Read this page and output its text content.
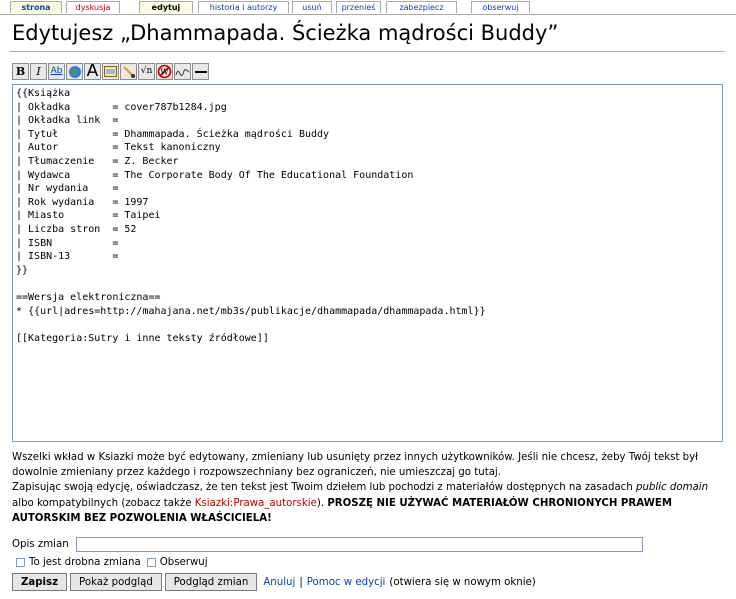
strona	dyskusja	edytuj	historia i autorzy	usuń	przenieś	zabezpiecz	obserwuj
Edytujesz „Dhammapada. Ścieżka mądrości Buddy”
B I Ab A	√n W
{{Książka
| Okładka       = cover787b1284.jpg
| Okładka link  =
| Tytuł         = Dhammapada. Ścieżka mądrości Buddy
| Autor         = Tekst kanoniczny
| Tłumaczenie   = Z. Becker
| Wydawca       = The Corporate Body Of The Educational Foundation
| Nr wydania    =
| Rok wydania   = 1997
| Miasto        = Taipei
| Liczba stron  = 52
| ISBN          =
| ISBN-13       =
}}

==Wersja elektroniczna==
* {{url|adres=http://mahajana.net/mb3s/publikacje/dhammapada/dhammapada.html}}

[[Kategoria:Sutry i inne teksty źródłowe]]

Wszelki wkład w Ksiazki może być edytowany, zmieniany lub usunięty przez innych użytkowników. Jeśli nie chcesz, żeby Twój tekst był dowolnie zmieniany przez każdego i rozpowszechniany bez ograniczeń, nie umieszczaj go tutaj.

Zapisując swoją edycję, oświadczasz, że ten tekst jest Twoim dziełem lub pochodzi z materiałów dostępnych na zasadach public domain albo kompatybilnych (zobacz także Ksiazki:Prawa_autorskie). PROSZĘ NIE UŻYWAĆ MATERIAŁÓW CHRONIONYCH PRAWEM AUTORSKIM BEZ POZWOLENIA WŁAŚCICIELA!

Opis zmian
To jest drobna zmiana Obserwuj
Zapisz	Pokaż podgląd	Podgląd zmian	Anuluj | Pomoc w edycji (otwiera się w nowym oknie)
